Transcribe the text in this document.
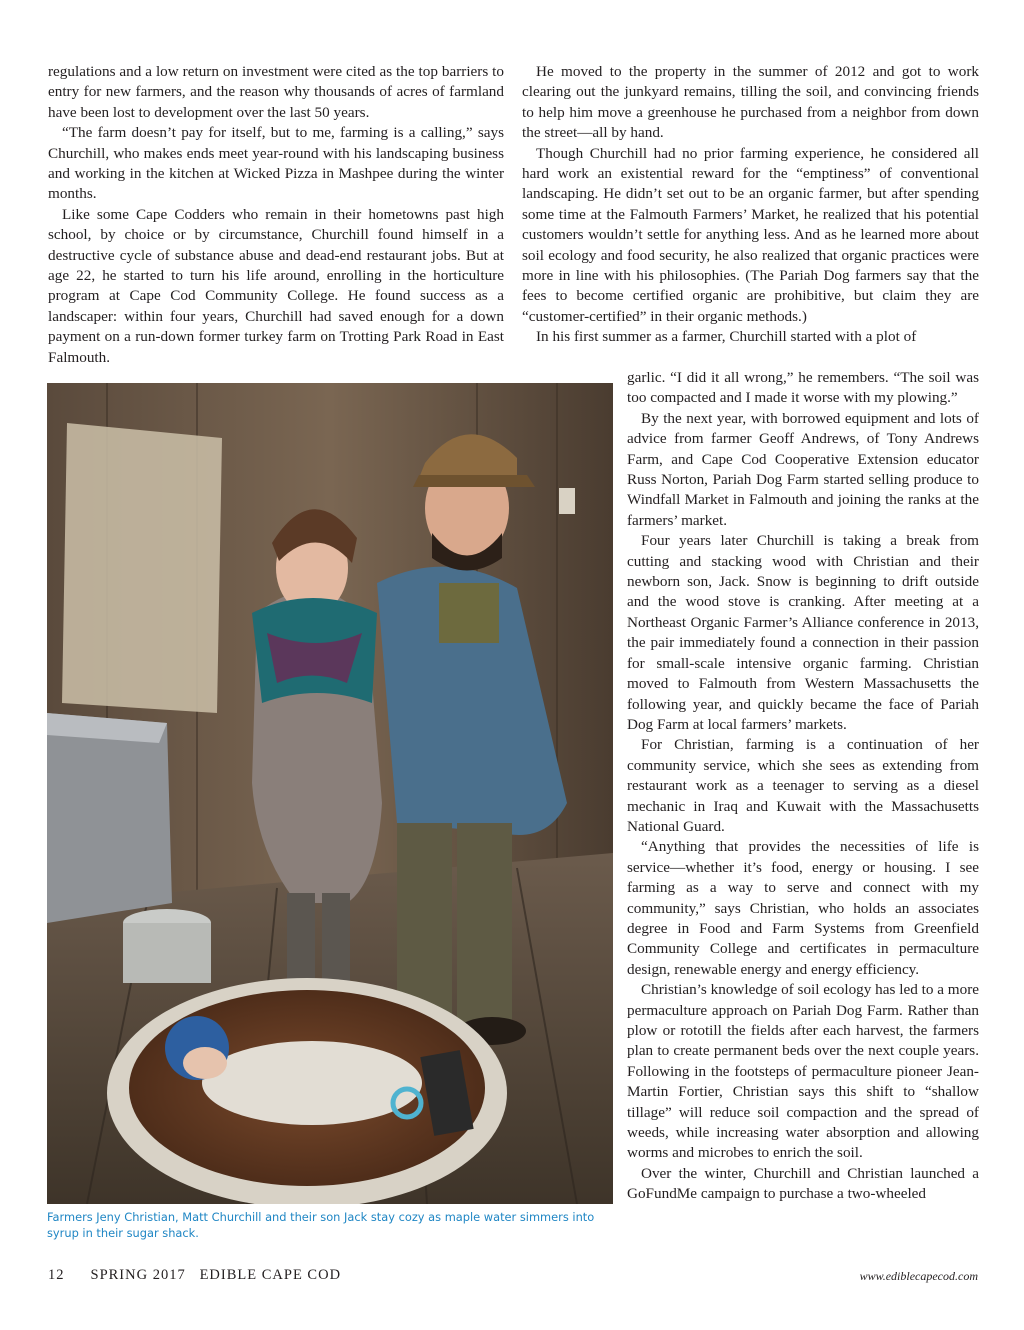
regulations and a low return on investment were cited as the top barriers to entry for new farmers, and the reason why thousands of acres of farmland have been lost to development over the last 50 years.

“The farm doesn’t pay for itself, but to me, farming is a calling,” says Churchill, who makes ends meet year-round with his landscaping business and working in the kitchen at Wicked Pizza in Mashpee during the winter months.

Like some Cape Codders who remain in their hometowns past high school, by choice or by circumstance, Churchill found himself in a destructive cycle of substance abuse and dead-end restaurant jobs. But at age 22, he started to turn his life around, enrolling in the horticulture program at Cape Cod Community College. He found success as a landscaper: within four years, Churchill had saved enough for a down payment on a run-down former turkey farm on Trotting Park Road in East Falmouth.

He moved to the property in the summer of 2012 and got to work clearing out the junkyard remains, tilling the soil, and convincing friends to help him move a greenhouse he purchased from a neighbor from down the street—all by hand.

Though Churchill had no prior farming experience, he considered all hard work an existential reward for the “emptiness” of conventional landscaping. He didn’t set out to be an organic farmer, but after spending some time at the Falmouth Farmers’ Market, he realized that his potential customers wouldn’t settle for anything less. And as he learned more about soil ecology and food security, he also realized that organic practices were more in line with his philosophies. (The Pariah Dog farmers say that the fees to become certified organic are prohibitive, but claim they are “customer-certified” in their organic methods.)

In his first summer as a farmer, Churchill started with a plot of

garlic. “I did it all wrong,” he remembers. “The soil was too compacted and I made it worse with my plowing.”

By the next year, with borrowed equipment and lots of advice from farmer Geoff Andrews, of Tony Andrews Farm, and Cape Cod Cooperative Extension educator Russ Norton, Pariah Dog Farm started selling produce to Windfall Market in Falmouth and joining the ranks at the farmers’ market.

Four years later Churchill is taking a break from cutting and stacking wood with Christian and their newborn son, Jack. Snow is beginning to drift outside and the wood stove is cranking. After meeting at a Northeast Organic Farmer’s Alliance conference in 2013, the pair immediately found a connection in their passion for small-scale intensive organic farming. Christian moved to Falmouth from Western Massachusetts the following year, and quickly became the face of Pariah Dog Farm at local farmers’ markets.

For Christian, farming is a continuation of her community service, which she sees as extending from restaurant work as a teenager to serving as a diesel mechanic in Iraq and Kuwait with the Massachusetts National Guard.

“Anything that provides the necessities of life is service—whether it’s food, energy or housing. I see farming as a way to serve and connect with my community,” says Christian, who holds an associates degree in Food and Farm Systems from Greenfield Community College and certificates in permaculture design, renewable energy and energy efficiency.

Christian’s knowledge of soil ecology has led to a more permaculture approach on Pariah Dog Farm. Rather than plow or rototill the fields after each harvest, the farmers plan to create permanent beds over the next couple years. Following in the footsteps of permaculture pioneer Jean-Martin Fortier, Christian says this shift to “shallow tillage” will reduce soil compaction and the spread of weeds, while increasing water absorption and allowing worms and microbes to enrich the soil.

Over the winter, Churchill and Christian launched a GoFundMe campaign to purchase a two-wheeled

Farmers Jeny Christian, Matt Churchill and their son Jack stay cozy as maple water simmers into syrup in their sugar shack.
12 SPRING 2017   EDIBLE CAPE COD	www.ediblecapecod.com
